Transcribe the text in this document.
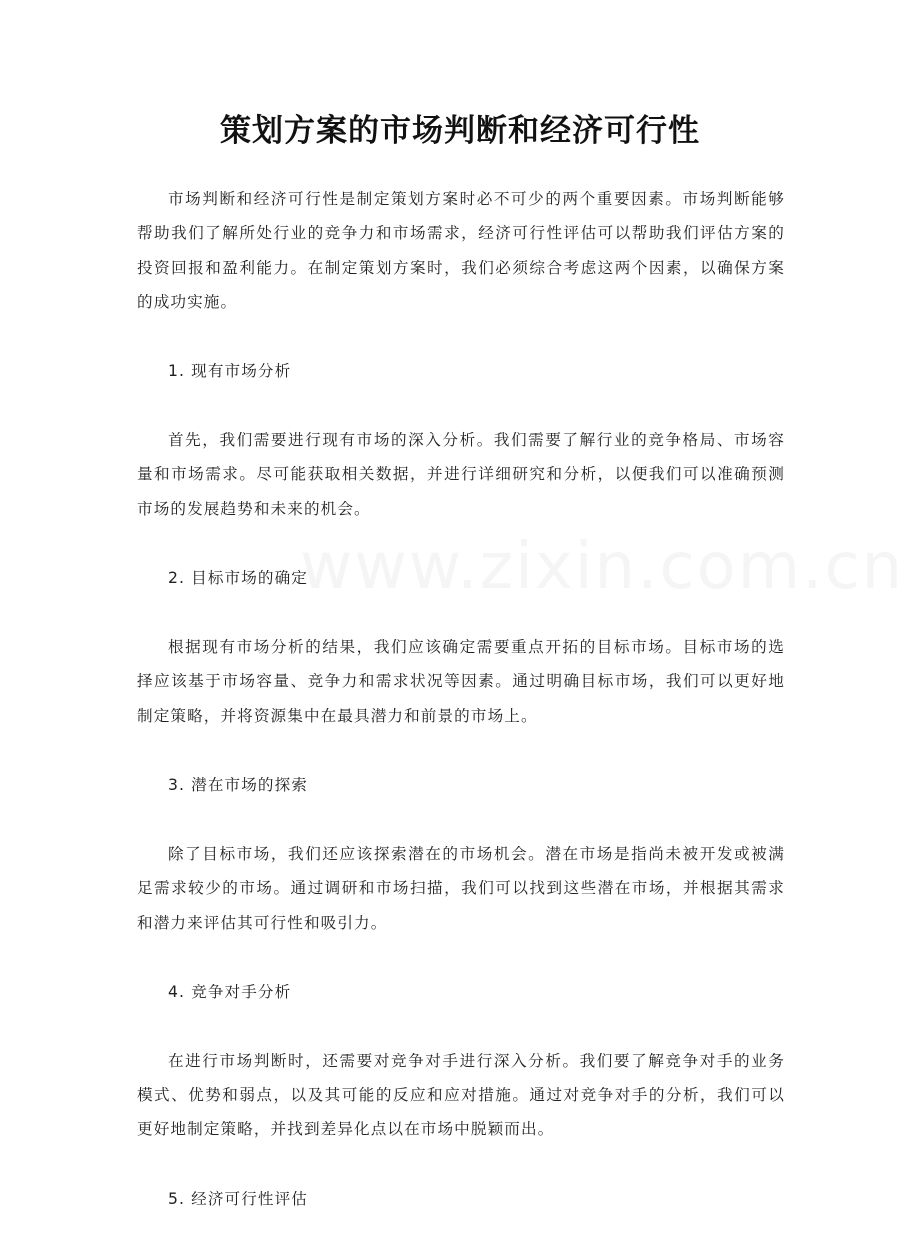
www.zixin.com.cn
策划方案的市场判断和经济可行性

市场判断和经济可行性是制定策划方案时必不可少的两个重要因素。市场判断能够帮助我们了解所处行业的竞争力和市场需求，经济可行性评估可以帮助我们评估方案的投资回报和盈利能力。在制定策划方案时，我们必须综合考虑这两个因素，以确保方案的成功实施。

1. 现有市场分析

首先，我们需要进行现有市场的深入分析。我们需要了解行业的竞争格局、市场容量和市场需求。尽可能获取相关数据，并进行详细研究和分析，以便我们可以准确预测市场的发展趋势和未来的机会。

2. 目标市场的确定

根据现有市场分析的结果，我们应该确定需要重点开拓的目标市场。目标市场的选择应该基于市场容量、竞争力和需求状况等因素。通过明确目标市场，我们可以更好地制定策略，并将资源集中在最具潜力和前景的市场上。

3. 潜在市场的探索

除了目标市场，我们还应该探索潜在的市场机会。潜在市场是指尚未被开发或被满足需求较少的市场。通过调研和市场扫描，我们可以找到这些潜在市场，并根据其需求和潜力来评估其可行性和吸引力。

4. 竞争对手分析

在进行市场判断时，还需要对竞争对手进行深入分析。我们要了解竞争对手的业务模式、优势和弱点，以及其可能的反应和应对措施。通过对竞争对手的分析，我们可以更好地制定策略，并找到差异化点以在市场中脱颖而出。

5. 经济可行性评估
